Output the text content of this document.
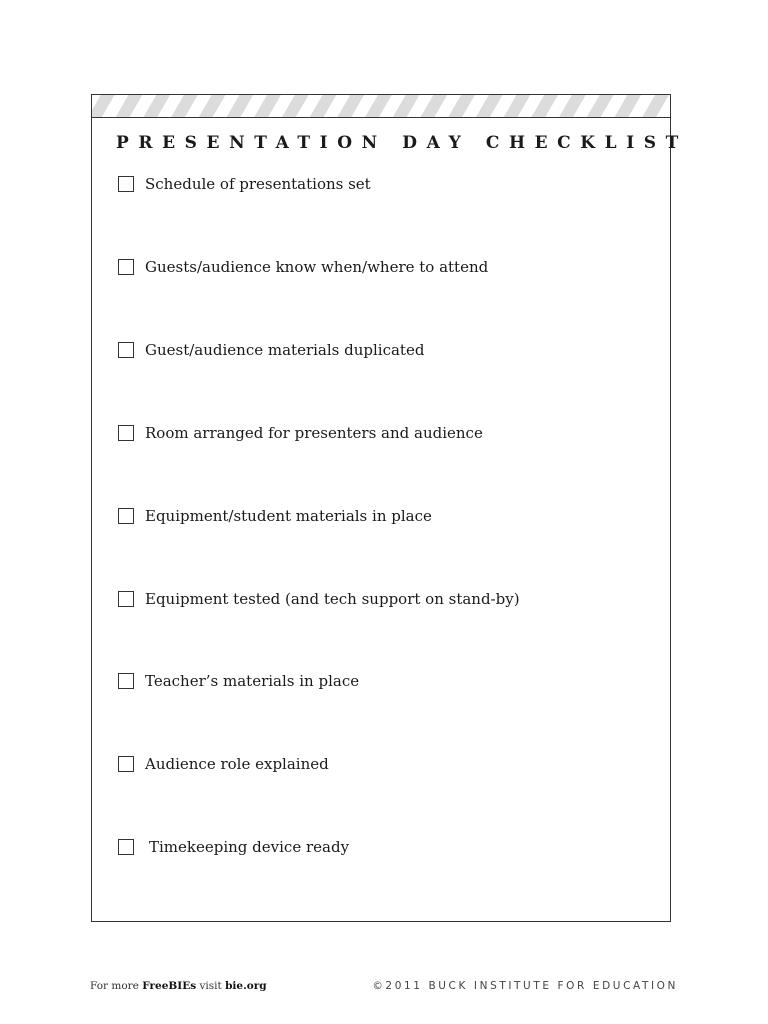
PRESENTATION DAY CHECKLIST
Schedule of presentations set
Guests/audience know when/where to attend
Guest/audience materials duplicated
Room arranged for presenters and audience
Equipment/student materials in place
Equipment tested (and tech support on stand-by)
Teacher’s materials in place
Audience role explained
Timekeeping device ready
For more FreeBIEs visit bie.org	©2011 BUCK INSTITUTE FOR EDUCATION
